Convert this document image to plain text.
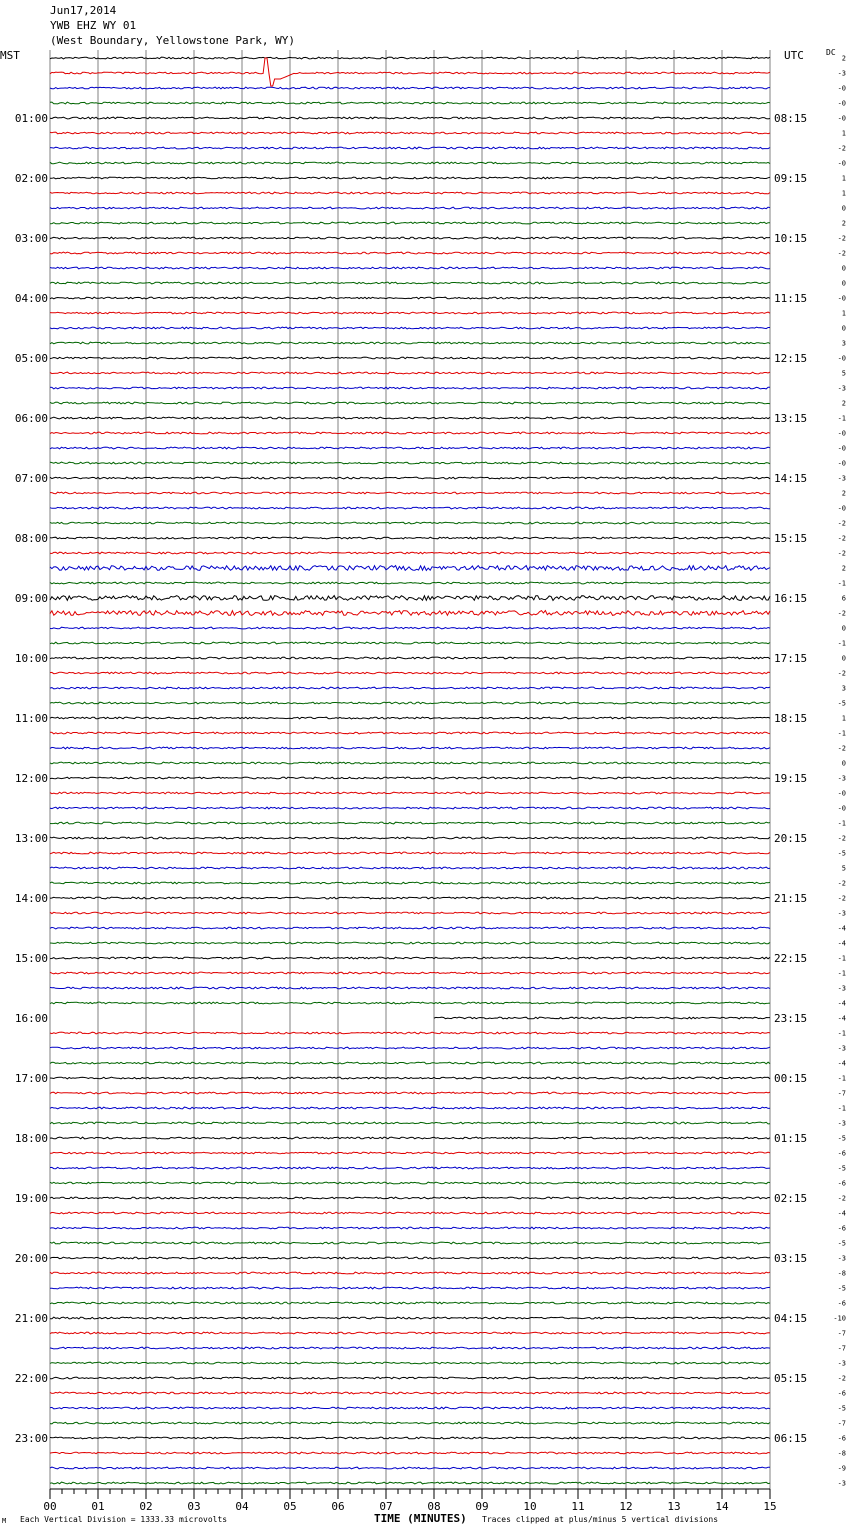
Jun17,2014
YWB EHZ WY 01
(West Boundary, Yellowstone Park, WY)
MST	UTC	DC
2
-3
-0
-0
-0
1
-2
-0
1
1
0
2
-2
-2
0
0
-0
1
0
3
-0
5
-3
2
-1
-0
-0
-0
-3
2
-0
-2
-2
-2
2
-1
6
-2
0
-1
0
-2
3
-5
1
-1
-2
0
-3
-0
-0
-1
-2
-5
5
-2
-2
-3
-4
-4
-1
-1
-3
-4
-4
-1
-3
-4
-1
-7
-1
-3
-5
-6
-5
-6
-2
-4
-6
-5
-3
-8
-5
-6
-10
-7
-7
-3
-2
-6
-5
-7
-6
-8
-9
-3
01:00
02:00
03:00
04:00
05:00
06:00
07:00
08:00
09:00
10:00
11:00
12:00
13:00
14:00
15:00
16:00
17:00
18:00
19:00
20:00
21:00
22:00
23:00
08:15
09:15
10:15
11:15
12:15
13:15
14:15
15:15
16:15
17:15
18:15
19:15
20:15
21:15
22:15
23:15
00:15
01:15
02:15
03:15
04:15
05:15
06:15
00	01	02	03	04	05	06	07	08	09	10	11	12	13	14	15
TIME (MINUTES)
M Each Vertical Division = 1333.33 microvolts	Traces clipped at plus/minus 5 vertical divisions
